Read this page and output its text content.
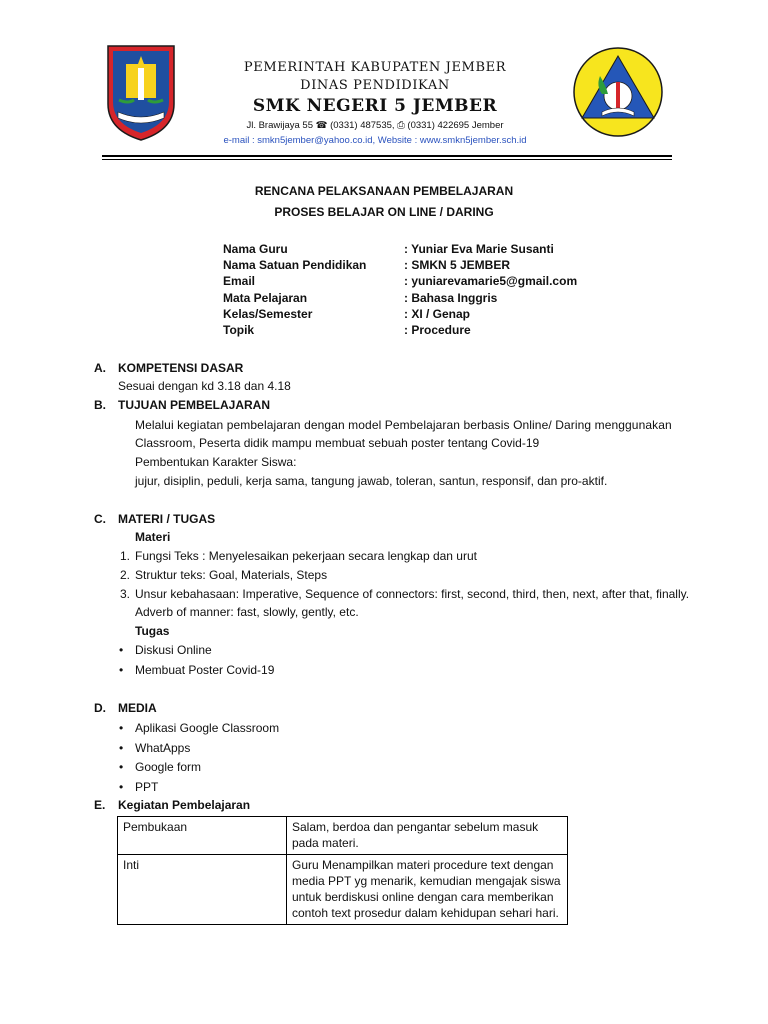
PEMERINTAH KABUPATEN JEMBER
DINAS PENDIDIKAN
SMK NEGERI 5 JEMBER
Jl. Brawijaya 55 ☎ (0331) 487535, ⎙ (0331) 422695 Jember
e-mail : smkn5jember@yahoo.co.id, Website : www.smkn5jember.sch.id
RENCANA PELAKSANAAN PEMBELAJARAN
PROSES BELAJAR ON LINE / DARING
Nama Guru	: Yuniar Eva Marie Susanti
Nama Satuan Pendidikan	: SMKN 5 JEMBER
Email	: yuniarevamarie5@gmail.com
Mata Pelajaran	: Bahasa Inggris
Kelas/Semester	: XI / Genap
Topik	: Procedure
A. KOMPETENSI DASAR
Sesuai dengan kd 3.18 dan 4.18
B. TUJUAN PEMBELAJARAN
Melalui kegiatan pembelajaran dengan model Pembelajaran berbasis Online/ Daring menggunakan
Classroom, Peserta didik mampu membuat sebuah poster tentang Covid-19
Pembentukan Karakter Siswa:
jujur, disiplin, peduli, kerja sama, tangung jawab, toleran, santun, responsif, dan pro-aktif.
C. MATERI / TUGAS
Materi
1. Fungsi Teks : Menyelesaikan pekerjaan secara lengkap dan urut
2. Struktur teks: Goal, Materials, Steps
3. Unsur kebahasaan: Imperative, Sequence of connectors: first, second, third, then, next, after that, finally.
Adverb of manner: fast, slowly, gently, etc.
Tugas
• Diskusi Online
• Membuat Poster Covid-19
D. MEDIA
• Aplikasi Google Classroom
• WhatApps
• Google form
• PPT
E. Kegiatan Pembelajaran
Pembukaan	Salam, berdoa dan pengantar sebelum masuk pada materi.
Inti	Guru Menampilkan materi procedure text dengan media PPT yg menarik, kemudian mengajak siswa untuk berdiskusi online dengan cara memberikan contoh text prosedur dalam kehidupan sehari hari.
